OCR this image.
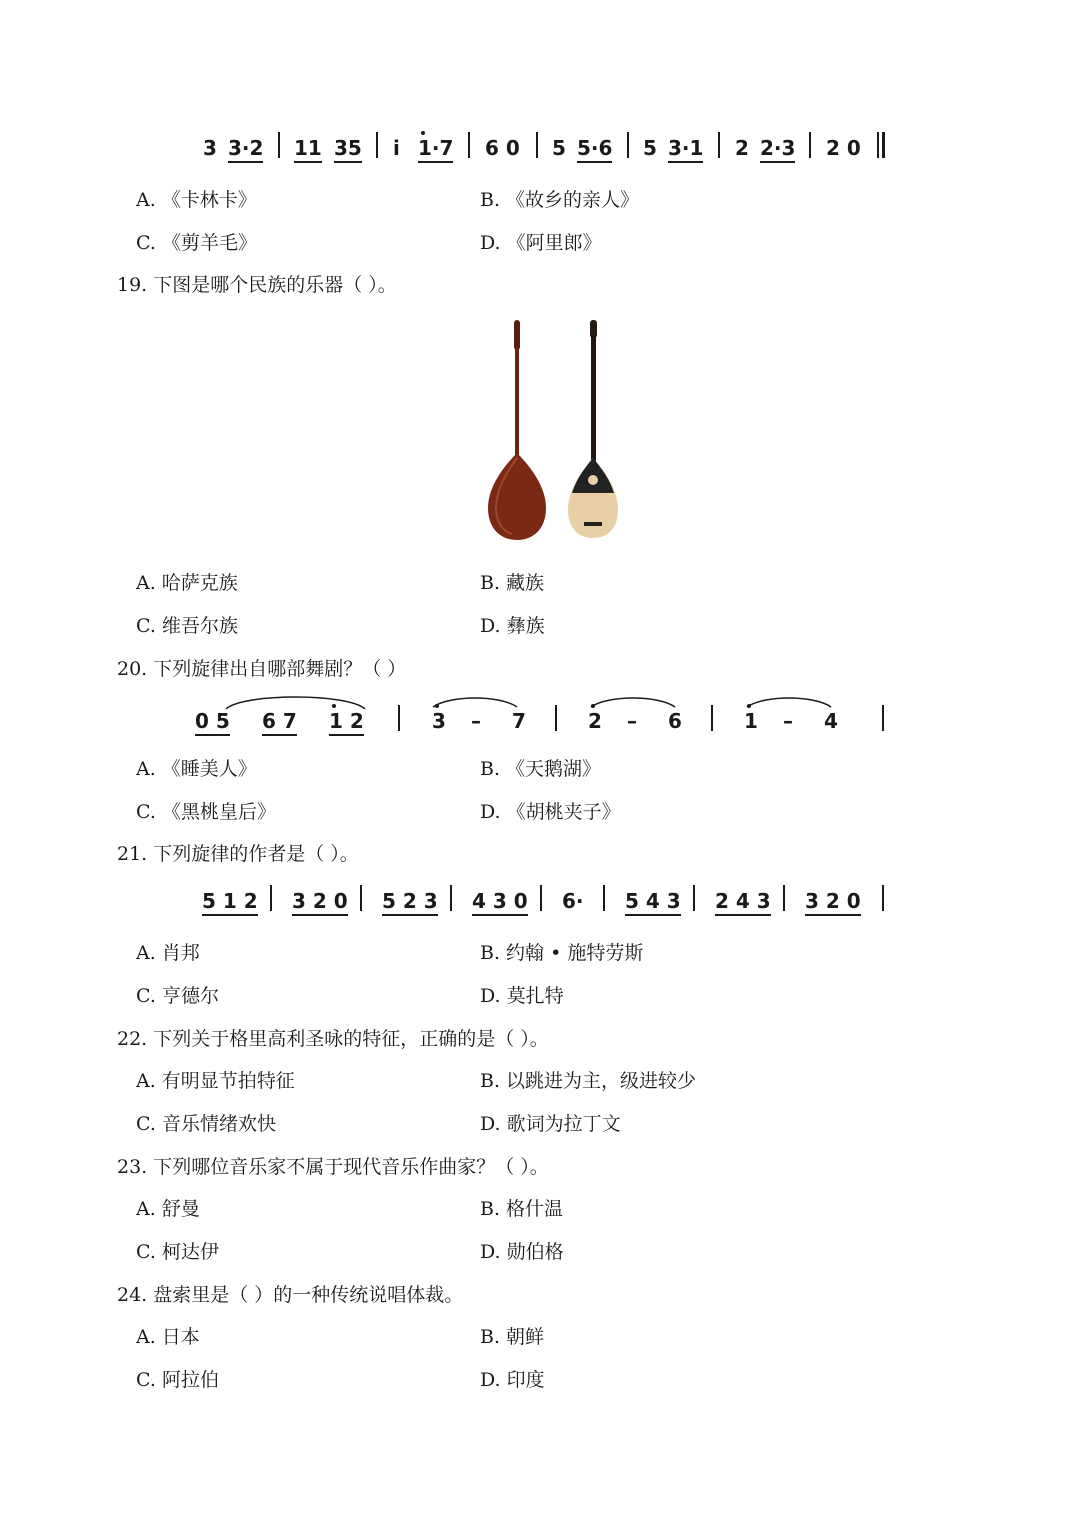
3 3·2 11 35 i 1·7 6 0 5 5·6 5 3·1 2 2·3 2 0
A. 《卡林卡》	B. 《故乡的亲人》
C. 《剪羊毛》	D. 《阿里郎》
19. 下图是哪个民族的乐器（ ）。
A. 哈萨克族	B. 藏族
C. 维吾尔族	D. 彝族
20. 下列旋律出自哪部舞剧？（ ）
0 5 6 7 1 2	3 – 7	2 – 6	1 – 4
A. 《睡美人》	B. 《天鹅湖》
C. 《黑桃皇后》	D. 《胡桃夹子》
21. 下列旋律的作者是（ ）。
5 1 2 3 2 0 5 2 3 4 3 0 6· 5 4 3 2 4 3 3 2 0
A. 肖邦	B. 约翰 • 施特劳斯
C. 亨德尔	D. 莫扎特
22. 下列关于格里高利圣咏的特征，正确的是（ ）。
A. 有明显节拍特征	B. 以跳进为主，级进较少
C. 音乐情绪欢快	D. 歌词为拉丁文
23. 下列哪位音乐家不属于现代音乐作曲家？（ ）。
A. 舒曼	B. 格什温
C. 柯达伊	D. 勋伯格
24. 盘索里是（ ）的一种传统说唱体裁。
A. 日本	B. 朝鲜
C. 阿拉伯	D. 印度
